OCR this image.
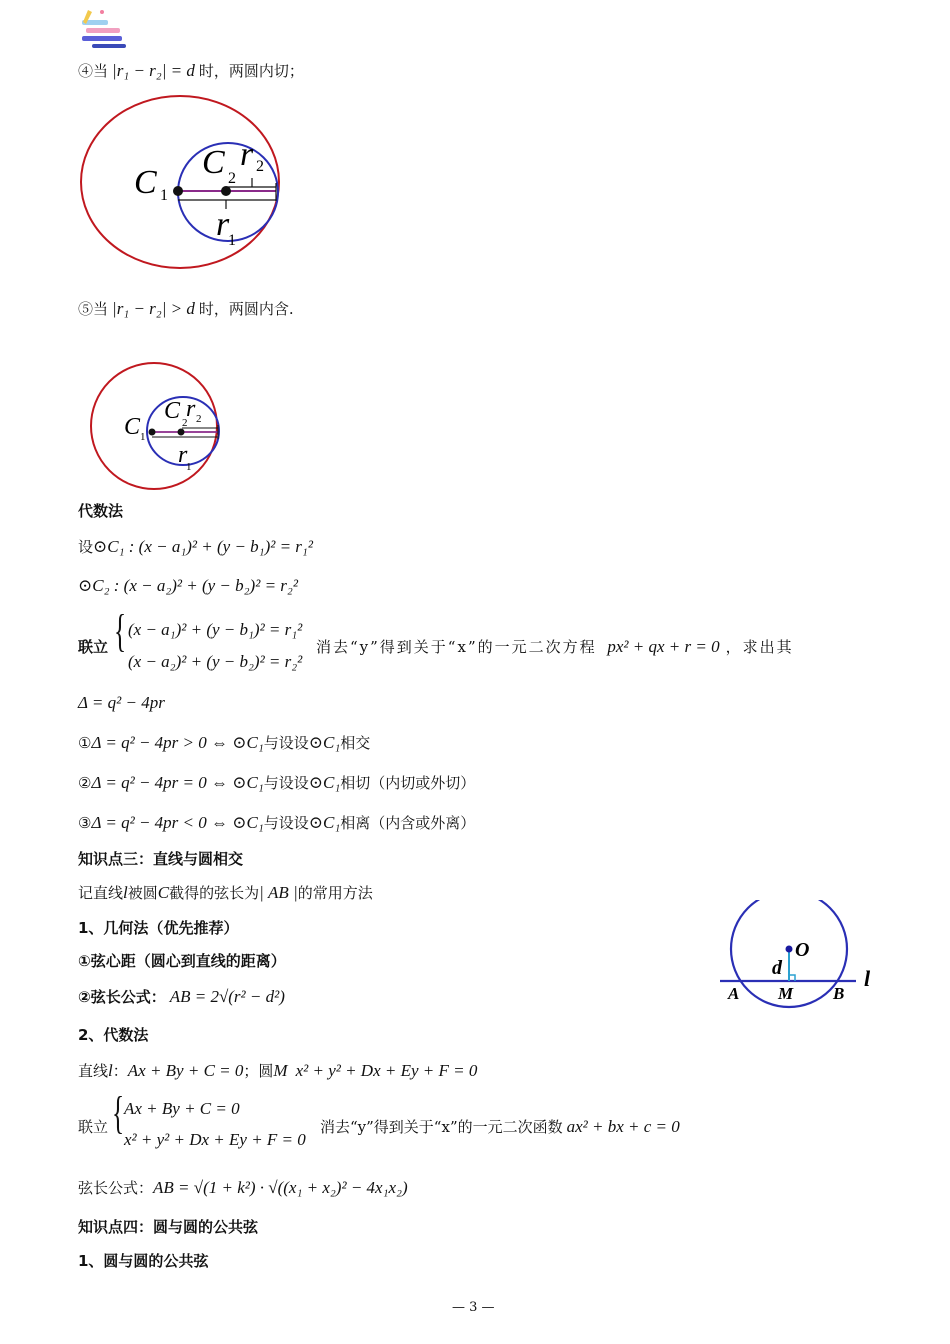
④当 |r₁ − r₂| = d 时，两圆内切；
C 1
C 2
r 2
r
1
⑤当 |r₁ − r₂| > d 时，两圆内含.
C 1
C 2
r 2
r
1
代数法
设⊙C₁ : (x − a₁)² + (y − b₁)² = r₁²
⊙C₂ : (x − a₂)² + (y − b₂)² = r₂²
联立 { (x − a₁)² + (y − b₁)² = r₁²
(x − a₂)² + (y − b₂)² = r₂²
消去“y”得到关于“x”的一元二次方程 px² + qx + r = 0 ，求出其
Δ = q² − 4pr
①Δ = q² − 4pr > 0 ⇔ ⊙C₁与设设⊙C₁相交
②Δ = q² − 4pr = 0 ⇔ ⊙C₁与设设⊙C₁相切（内切或外切）
③Δ = q² − 4pr < 0 ⇔ ⊙C₁与设设⊙C₁相离（内含或外离）
知识点三：直线与圆相交
记直线l被圆C截得的弦长为| AB |的常用方法
1、几何法（优先推荐）
①弦心距（圆心到直线的距离）
②弦长公式： AB = 2√(r² − d²)
O
d
A M B
l
2、代数法
直线l：Ax + By + C = 0；圆M x² + y² + Dx + Ey + F = 0
联立 { Ax + By + C = 0
x² + y² + Dx + Ey + F = 0
消去“y”得到关于“x”的一元二次函数 ax² + bx + c = 0
弦长公式：AB = √(1 + k²) · √((x₁ + x₂)² − 4x₁x₂)
知识点四：圆与圆的公共弦
1、圆与圆的公共弦
— 3 —
